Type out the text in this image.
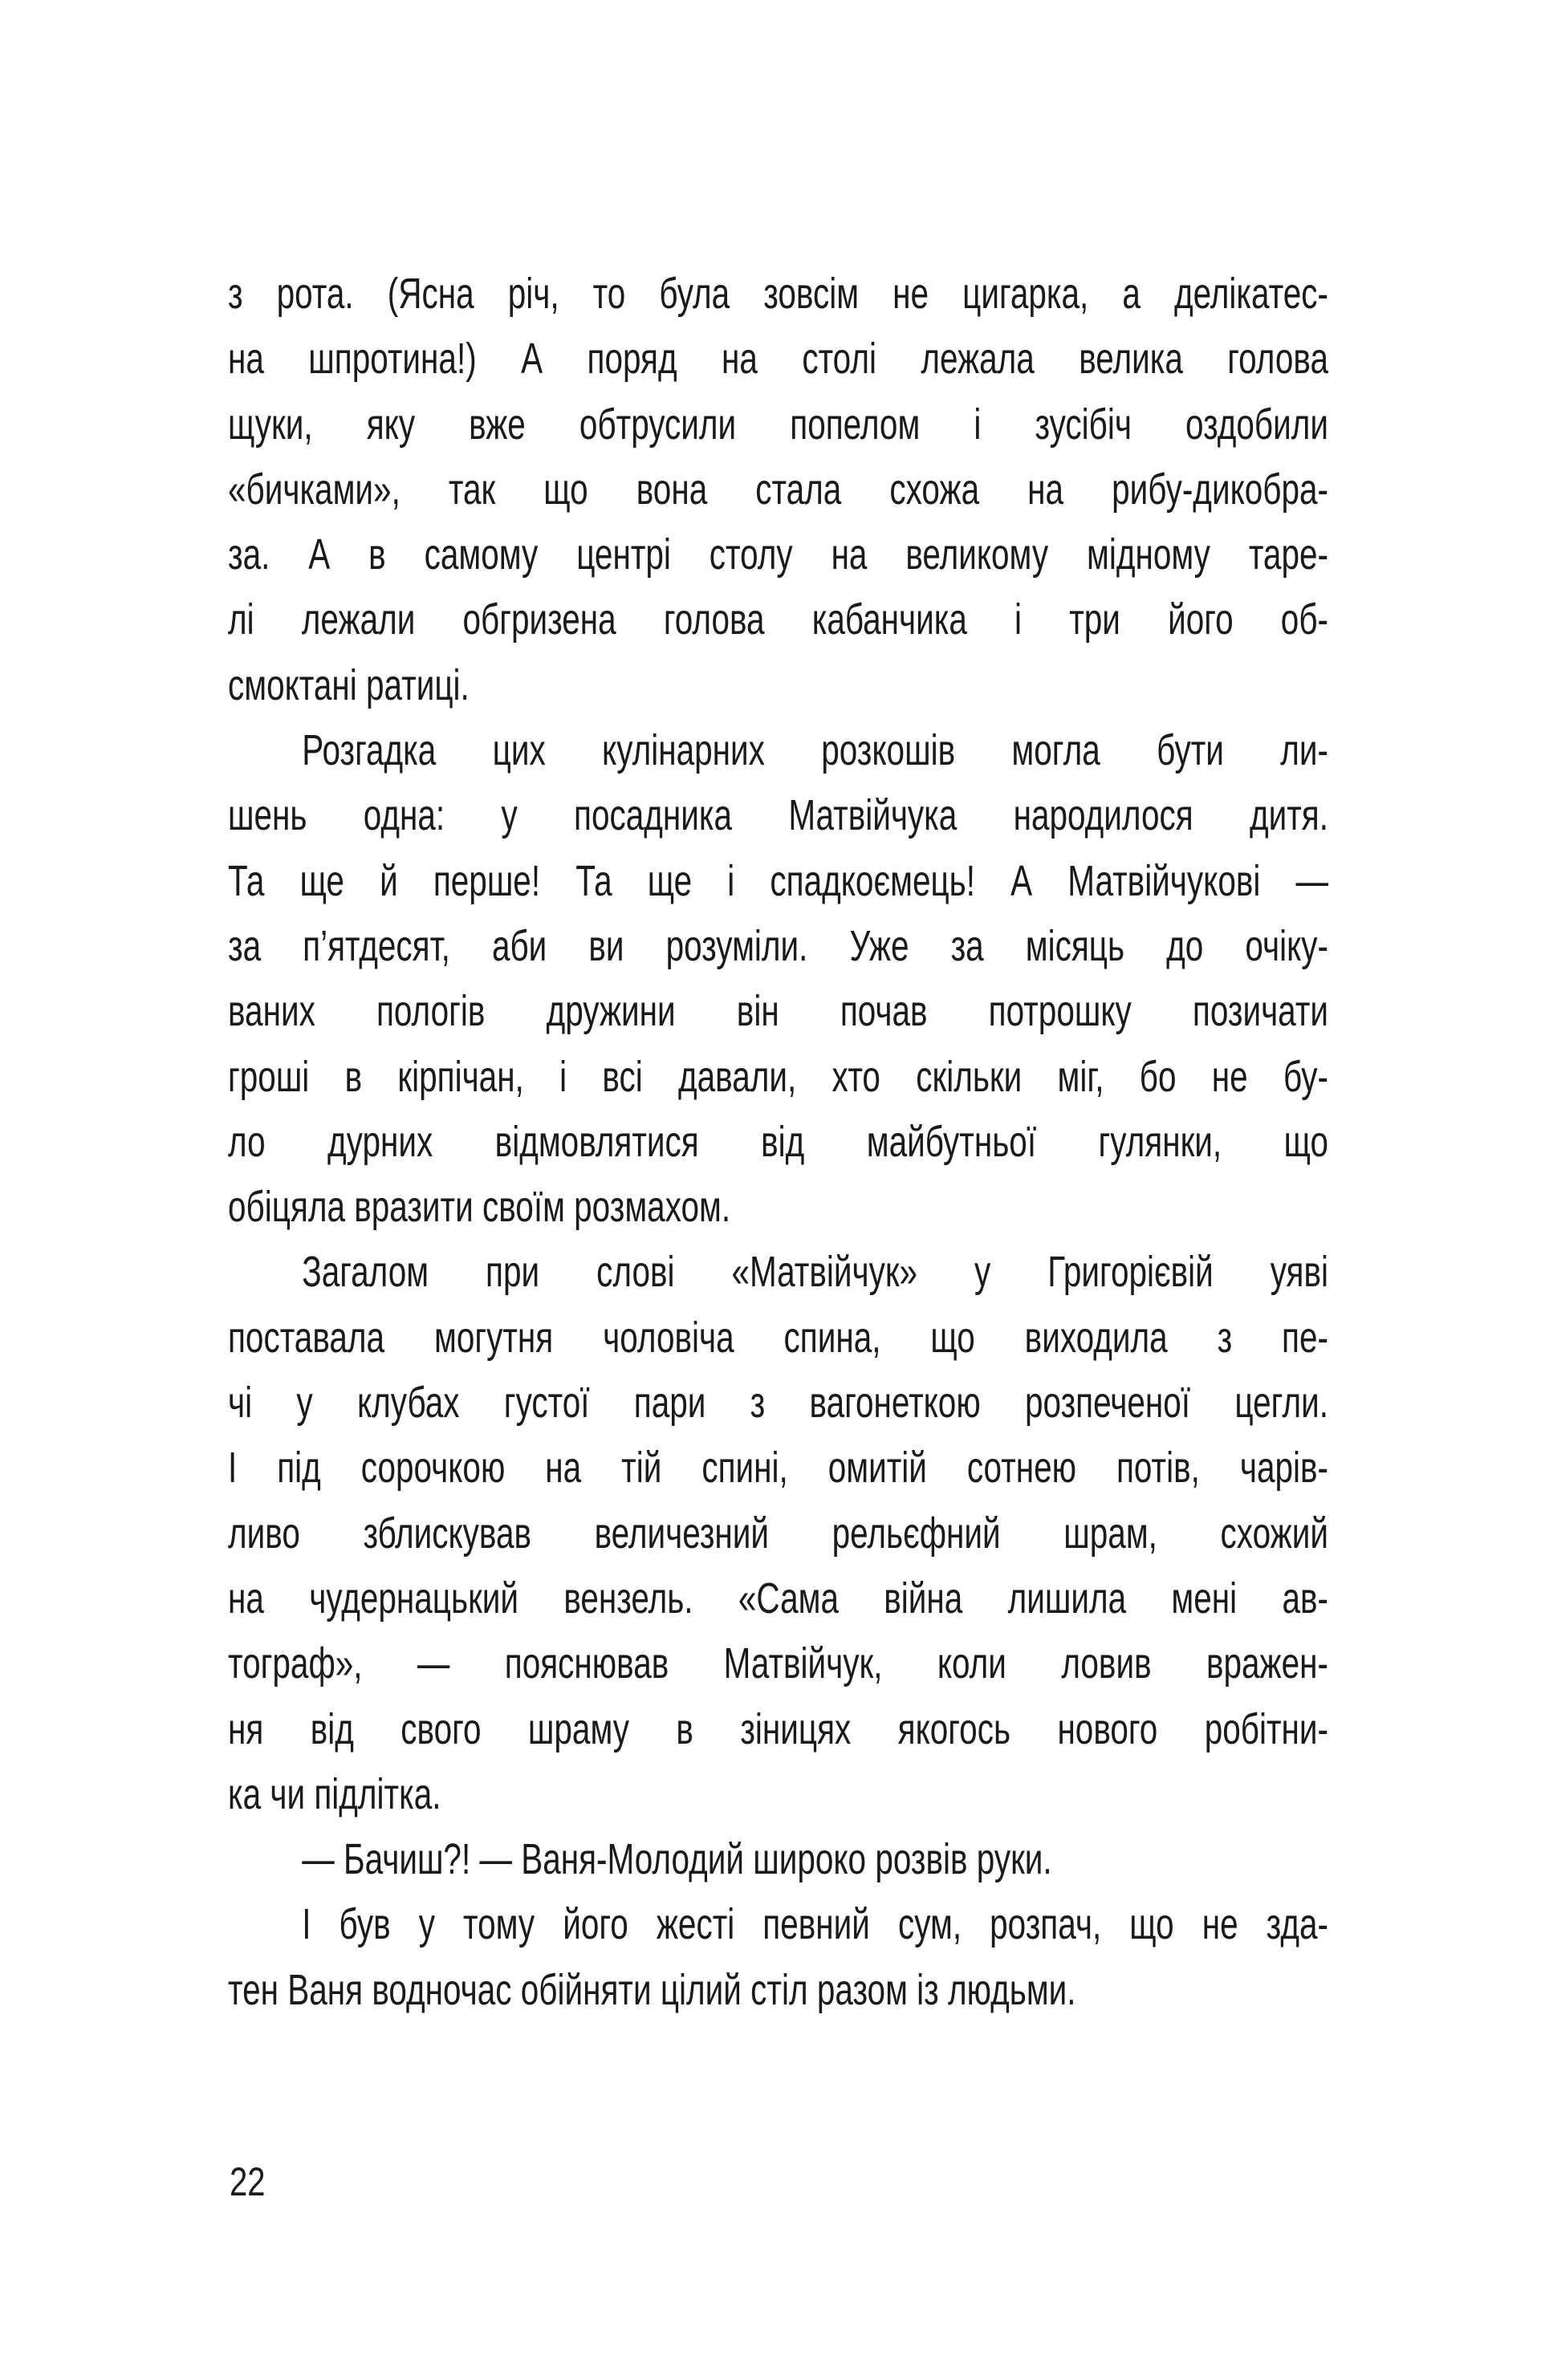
з рота. (Ясна річ, то була зовсім не цигарка, а делікатес-
на шпротина!) А поряд на столі лежала велика голова
щуки, яку вже обтрусили попелом і зусібіч оздобили
«бичками», так що вона стала схожа на рибу-дикобра-
за. А в самому центрі столу на великому мідному таре-
лі лежали обгризена голова кабанчика і три його об-
смоктані ратиці.
Розгадка цих кулінарних розкошів могла бути ли-
шень одна: у посадника Матвійчука народилося дитя.
Та ще й перше! Та ще і спадкоємець! А Матвійчукові —
за п’ятдесят, аби ви розуміли. Уже за місяць до очіку-
ваних пологів дружини він почав потрошку позичати
гроші в кірпічан, і всі давали, хто скільки міг, бо не бу-
ло дурних відмовлятися від майбутньої гулянки, що
обіцяла вразити своїм розмахом.
Загалом при слові «Матвійчук» у Григорієвій уяві
поставала могутня чоловіча спина, що виходила з пе-
чі у клубах густої пари з вагонеткою розпеченої цегли.
І під сорочкою на тій спині, омитій сотнею потів, чарів-
ливо зблискував величезний рельєфний шрам, схожий
на чудернацький вензель. «Сама війна лишила мені ав-
тограф», — пояснював Матвійчук, коли ловив вражен-
ня від свого шраму в зіницях якогось нового робітни-
ка чи підлітка.
— Бачиш?! — Ваня-Молодий широко розвів руки.
І був у тому його жесті певний сум, розпач, що не зда-
тен Ваня водночас обійняти цілий стіл разом із людьми.
22
